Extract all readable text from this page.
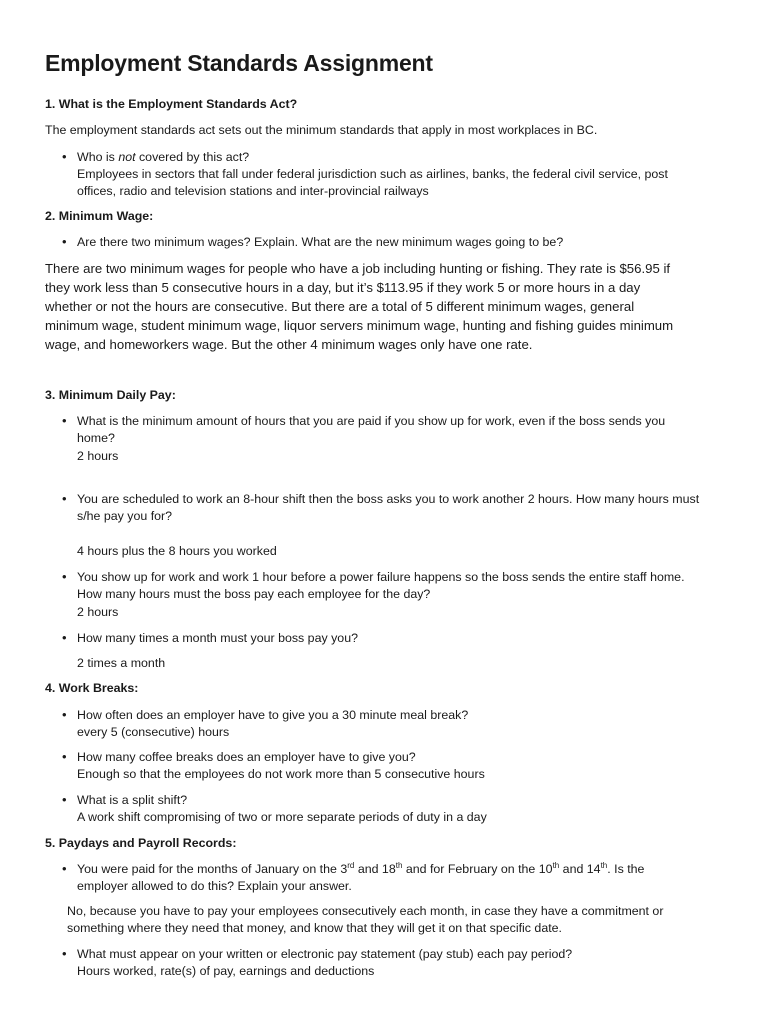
Employment Standards Assignment
1. What is the Employment Standards Act?
The employment standards act sets out the minimum standards that apply in most workplaces in BC.
• Who is not covered by this act?
Employees in sectors that fall under federal jurisdiction such as airlines, banks, the federal civil service, post
offices, radio and television stations and inter-provincial railways
2. Minimum Wage:
• Are there two minimum wages? Explain. What are the new minimum wages going to be?
There are two minimum wages for people who have a job including hunting or fishing. They rate is $56.95 if
they work less than 5 consecutive hours in a day, but it’s $113.95 if they work 5 or more hours in a day
whether or not the hours are consecutive. But there are a total of 5 different minimum wages, general
minimum wage, student minimum wage, liquor servers minimum wage, hunting and fishing guides minimum
wage, and homeworkers wage. But the other 4 minimum wages only have one rate.
3. Minimum Daily Pay:
• What is the minimum amount of hours that you are paid if you show up for work, even if the boss sends you
home?
2 hours
• You are scheduled to work an 8-hour shift then the boss asks you to work another 2 hours. How many hours must
s/he pay you for?
4 hours plus the 8 hours you worked
• You show up for work and work 1 hour before a power failure happens so the boss sends the entire staff home.
How many hours must the boss pay each employee for the day?
2 hours
• How many times a month must your boss pay you?
2 times a month
4. Work Breaks:
• How often does an employer have to give you a 30 minute meal break?
every 5 (consecutive) hours
• How many coffee breaks does an employer have to give you?
Enough so that the employees do not work more than 5 consecutive hours
• What is a split shift?
A work shift compromising of two or more separate periods of duty in a day
5. Paydays and Payroll Records:
• You were paid for the months of January on the 3rd and 18th and for February on the 10th and 14th. Is the
employer allowed to do this? Explain your answer.
No, because you have to pay your employees consecutively each month, in case they have a commitment or
something where they need that money, and know that they will get it on that specific date.
• What must appear on your written or electronic pay statement (pay stub) each pay period?
Hours worked, rate(s) of pay, earnings and deductions
